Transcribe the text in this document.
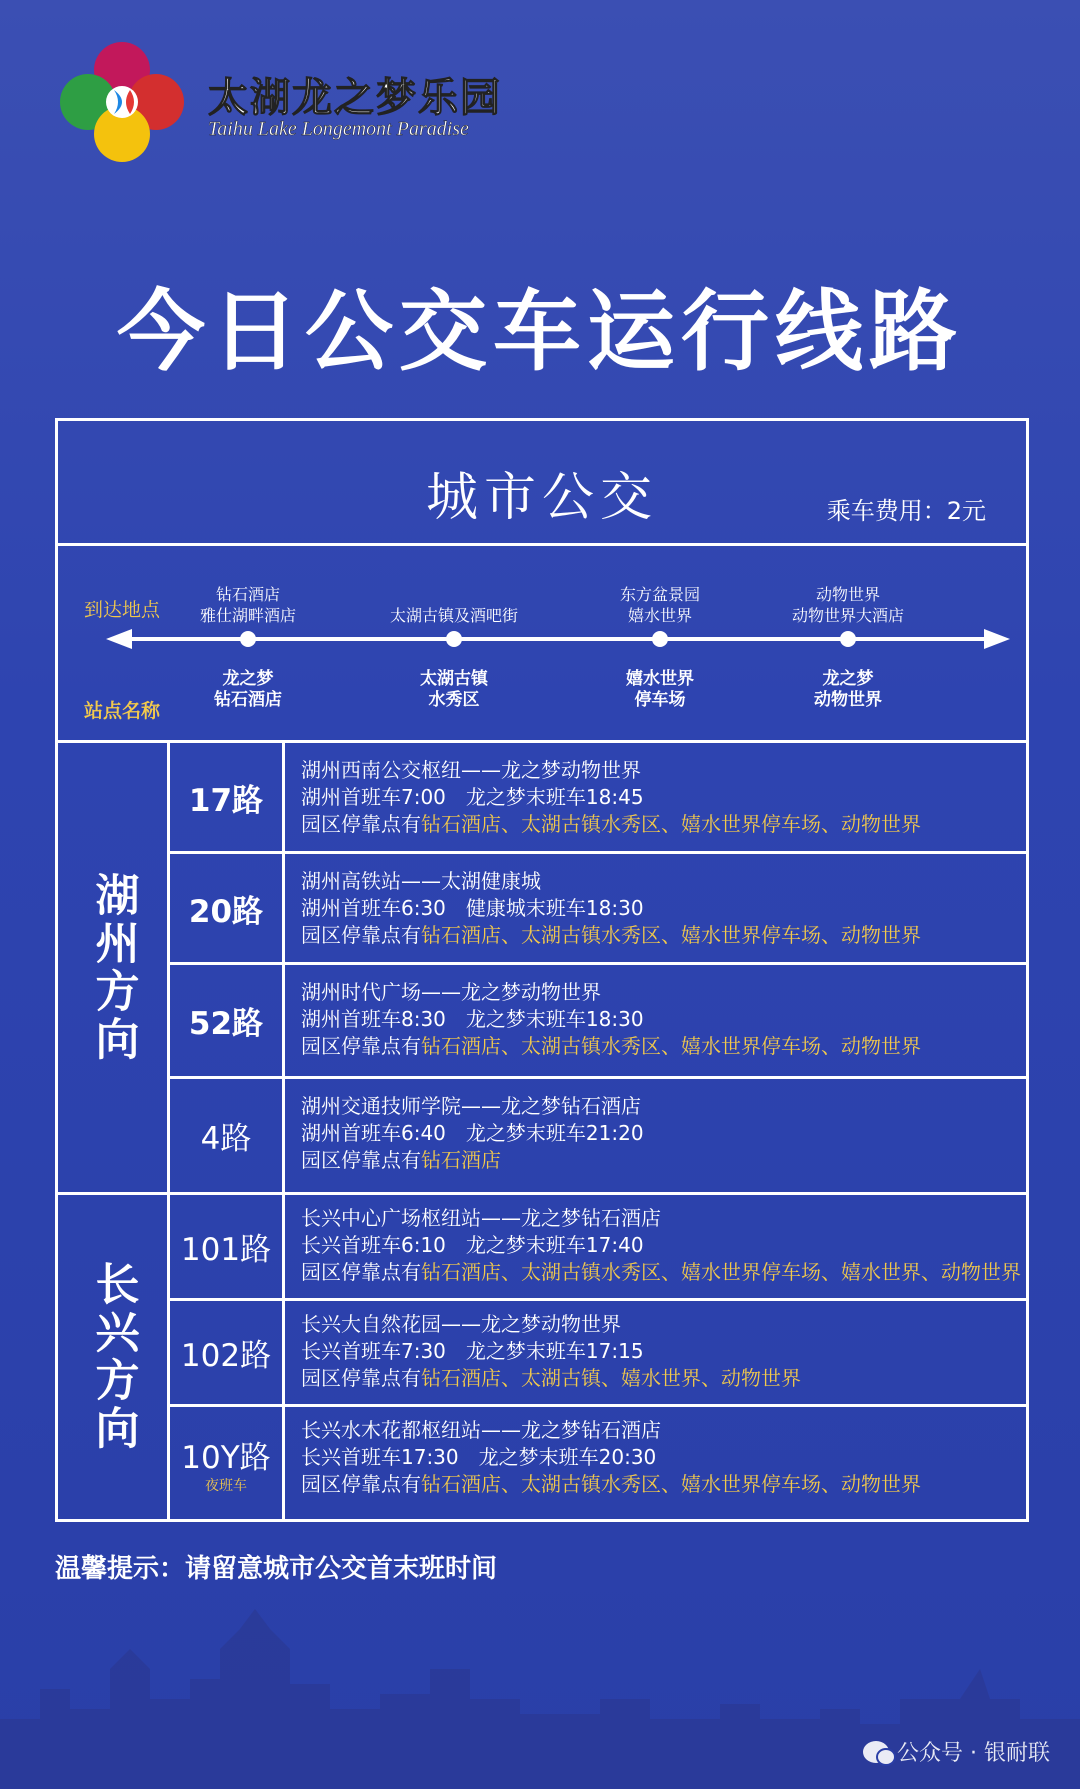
太湖龙之梦乐园
Taihu Lake Longemont Paradise
今日公交车运行线路
城市公交	乘车费用：2元
到达地点
站点名称
钻石酒店
雅仕湖畔酒店
龙之梦
钻石酒店

太湖古镇及酒吧街
太湖古镇
水秀区
东方盆景园
嬉水世界
嬉水世界
停车场
动物世界
动物世界大酒店
龙之梦
动物世界
湖州方向
17路
湖州西南公交枢纽——龙之梦动物世界
湖州首班车7:00　龙之梦末班车18:45
园区停靠点有钻石酒店、太湖古镇水秀区、嬉水世界停车场、动物世界
20路
湖州高铁站——太湖健康城
湖州首班车6:30　健康城末班车18:30
园区停靠点有钻石酒店、太湖古镇水秀区、嬉水世界停车场、动物世界
52路
湖州时代广场——龙之梦动物世界
湖州首班车8:30　龙之梦末班车18:30
园区停靠点有钻石酒店、太湖古镇水秀区、嬉水世界停车场、动物世界
4路
湖州交通技师学院——龙之梦钻石酒店
湖州首班车6:40　龙之梦末班车21:20
园区停靠点有钻石酒店
长兴方向
101路
长兴中心广场枢纽站——龙之梦钻石酒店
长兴首班车6:10　龙之梦末班车17:40
园区停靠点有钻石酒店、太湖古镇水秀区、嬉水世界停车场、嬉水世界、动物世界
102路
长兴大自然花园——龙之梦动物世界
长兴首班车7:30　龙之梦末班车17:15
园区停靠点有钻石酒店、太湖古镇、嬉水世界、动物世界
10Y路
夜班车
长兴水木花都枢纽站——龙之梦钻石酒店
长兴首班车17:30　龙之梦末班车20:30
园区停靠点有钻石酒店、太湖古镇水秀区、嬉水世界停车场、动物世界
温馨提示：请留意城市公交首末班时间
公众号 · 银耐联
